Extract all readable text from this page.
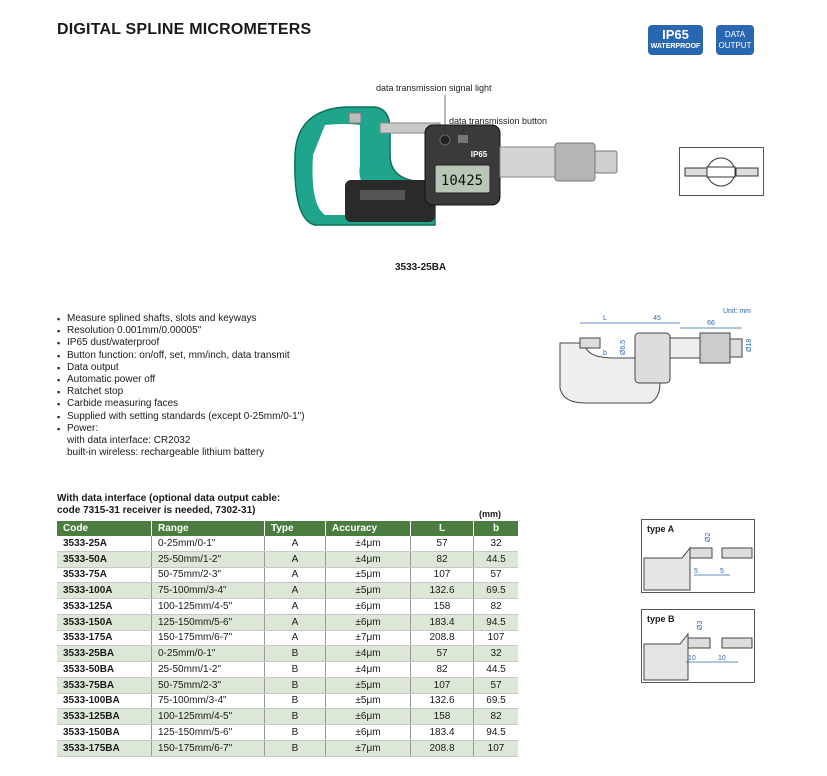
DIGITAL SPLINE MICROMETERS	IP65
WATERPROOF
DATA
OUTPUT
10425
IP65
data transmission signal light
data transmission button
3533-25BA
▪ Measure splined shafts, slots and keyways
▪ Resolution 0.001mm/0.00005"
▪ IP65 dust/waterproof
▪ Button function: on/off, set, mm/inch, data transmit
▪ Data output
▪ Automatic power off
▪ Ratchet stop
▪ Carbide measuring faces
▪ Supplied with setting standards (except 0-25mm/0-1")
▪ Power:
with data interface: CR2032
built-in wireless: rechargeable lithium battery
Unit: mm
L	45
66
Ø18
Ø6.5
b
With data interface (optional data output cable:
code 7315-31 receiver is needed, 7302-31)	(mm)
Code	Range	Type	Accuracy	L	b
3533-25A	0-25mm/0-1"	A	±4μm	57	32
3533-50A	25-50mm/1-2"	A	±4μm	82	44.5
3533-75A	50-75mm/2-3"	A	±5μm	107	57
3533-100A	75-100mm/3-4"	A	±5μm	132.6	69.5
3533-125A	100-125mm/4-5"	A	±6μm	158	82
3533-150A	125-150mm/5-6"	A	±6μm	183.4	94.5
3533-175A	150-175mm/6-7"	A	±7μm	208.8	107
3533-25BA	0-25mm/0-1"	B	±4μm	57	32
3533-50BA	25-50mm/1-2"	B	±4μm	82	44.5
3533-75BA	50-75mm/2-3"	B	±5μm	107	57
3533-100BA	75-100mm/3-4"	B	±5μm	132.6	69.5
3533-125BA	100-125mm/4-5"	B	±6μm	158	82
3533-150BA	125-150mm/5-6"	B	±6μm	183.4	94.5
3533-175BA	150-175mm/6-7"	B	±7μm	208.8	107
type A
Ø2
5	5
type B
Ø3
10	10
